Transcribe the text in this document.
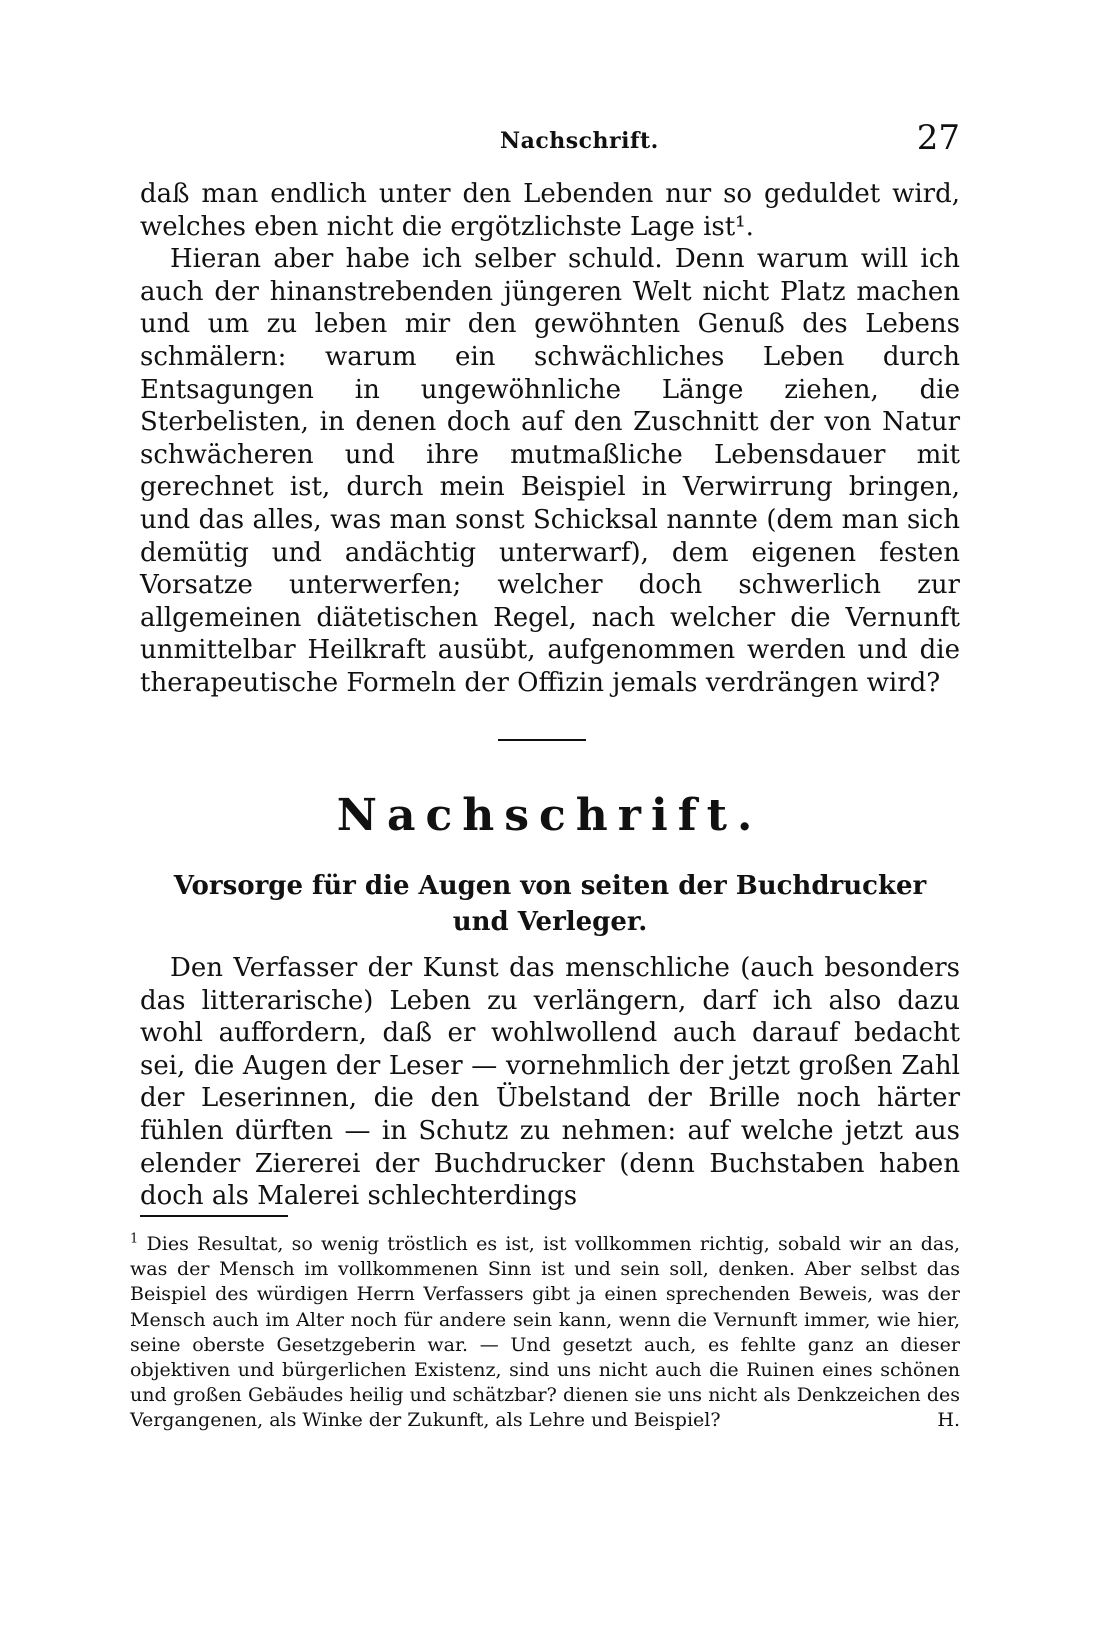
Nachschrift.	27

daß man endlich unter den Lebenden nur so geduldet wird, welches eben nicht die ergötzlichste Lage ist¹.
Hieran aber habe ich selber schuld. Denn warum will ich auch der hinanstrebenden jüngeren Welt nicht Platz machen und um zu leben mir den gewöhnten Genuß des Lebens schmälern: warum ein schwächliches Leben durch Entsagungen in ungewöhnliche Länge ziehen, die Sterbelisten, in denen doch auf den Zuschnitt der von Natur schwächeren und ihre mutmaßliche Lebensdauer mit gerechnet ist, durch mein Beispiel in Verwirrung bringen, und das alles, was man sonst Schicksal nannte (dem man sich demütig und andächtig unterwarf), dem eigenen festen Vorsatze unterwerfen; welcher doch schwerlich zur allgemeinen diätetischen Regel, nach welcher die Vernunft unmittelbar Heilkraft ausübt, aufgenommen werden und die therapeutische Formeln der Offizin jemals verdrängen wird?

Nachschrift.
Vorsorge für die Augen von seiten der Buchdrucker und Verleger.

Den Verfasser der Kunst das menschliche (auch besonders das litterarische) Leben zu verlängern, darf ich also dazu wohl auffordern, daß er wohlwollend auch darauf bedacht sei, die Augen der Leser — vornehmlich der jetzt großen Zahl der Leserinnen, die den Übelstand der Brille noch härter fühlen dürften — in Schutz zu nehmen: auf welche jetzt aus elender Ziererei der Buchdrucker (denn Buchstaben haben doch als Malerei schlechterdings

$^1$ Dies Resultat, so wenig tröstlich es ist, ist vollkommen richtig, sobald wir an das, was der Mensch im vollkommenen Sinn ist und sein soll, denken. Aber selbst das Beispiel des würdigen Herrn Verfassers gibt ja einen sprechenden Beweis, was der Mensch auch im Alter noch für andere sein kann, wenn die Vernunft immer, wie hier, seine oberste Gesetzgeberin war. — Und gesetzt auch, es fehlte ganz an dieser objektiven und bürgerlichen Existenz, sind uns nicht auch die Ruinen eines schönen und großen Gebäudes heilig und schätzbar? dienen sie uns nicht als Denkzeichen des Vergangenen, als Winke der Zukunft, als Lehre und Beispiel?	H.
